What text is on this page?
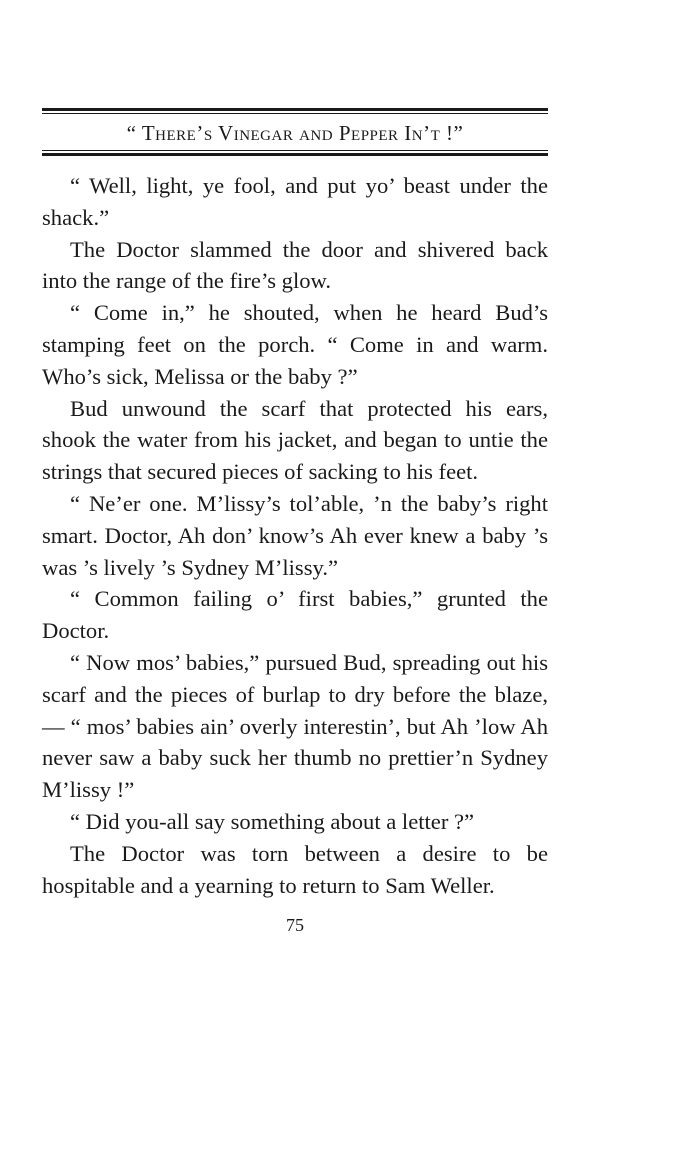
“ There’s Vinegar and Pepper In’t !”

“ Well, light, ye fool, and put yo’ beast under the shack.”

The Doctor slammed the door and shivered back into the range of the fire’s glow.

“ Come in,” he shouted, when he heard Bud’s stamping feet on the porch. “ Come in and warm. Who’s sick, Melissa or the baby ?”

Bud unwound the scarf that protected his ears, shook the water from his jacket, and began to untie the strings that secured pieces of sacking to his feet.

“ Ne’er one. M’lissy’s tol’able, ’n the baby’s right smart. Doctor, Ah don’ know’s Ah ever knew a baby ’s was ’s lively ’s Sydney M’lissy.”

“ Common failing o’ first babies,” grunted the Doctor.

“ Now mos’ babies,” pursued Bud, spreading out his scarf and the pieces of burlap to dry before the blaze, — “ mos’ babies ain’ overly interestin’, but Ah ’low Ah never saw a baby suck her thumb no prettier’n Sydney M’lissy !”

“ Did you-all say something about a letter ?”

The Doctor was torn between a desire to be hospitable and a yearning to return to Sam Weller.

75
